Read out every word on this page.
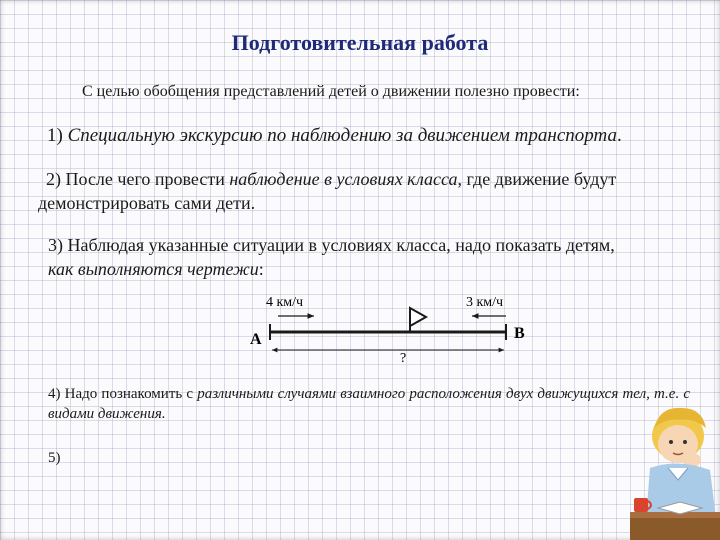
Подготовительная работа
С целью обобщения представлений детей о движении полезно провести:
1) Специальную экскурсию по наблюдению за движением транспорта.
2) После чего провести наблюдение в условиях класса, где движение будут
демонстрировать сами дети.
3) Наблюдая указанные ситуации в условиях класса, надо показать детям,
как выполняются чертежи:
4 км/ч	3 км/ч
А	В
?
4) Надо познакомить с различными случаями взаимного расположения двух движущихся тел, т.е. с видами движения.
5)
